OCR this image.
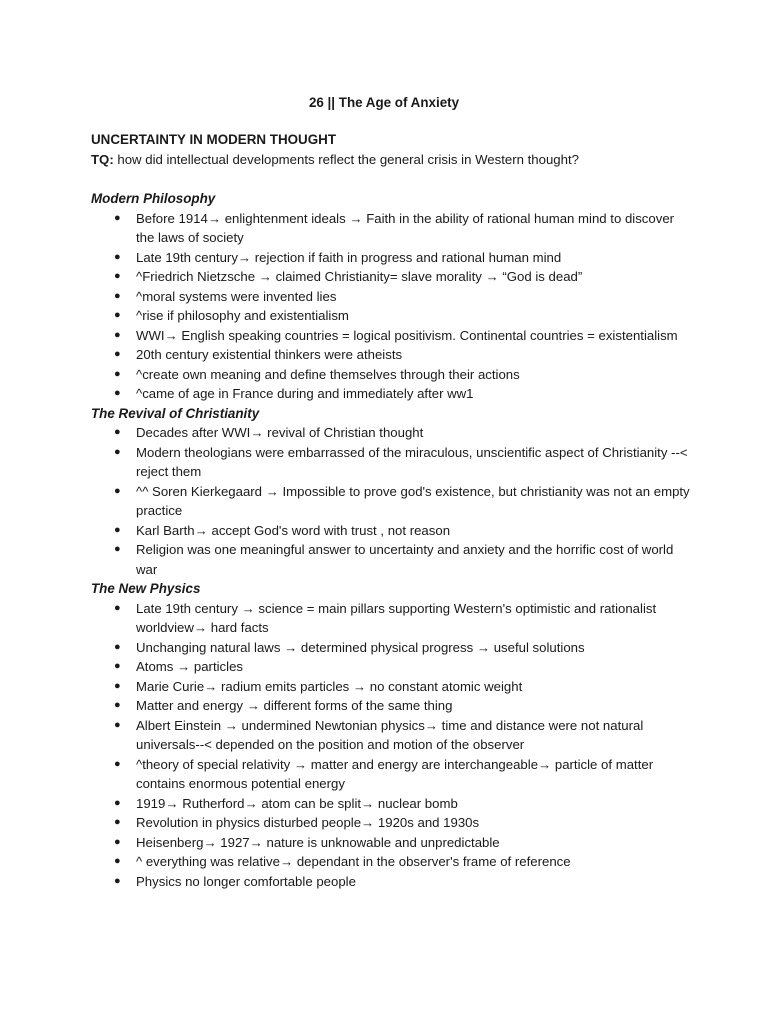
26 || The Age of Anxiety
UNCERTAINTY IN MODERN THOUGHT
TQ: how did intellectual developments reflect the general crisis in Western thought?
Modern Philosophy
● Before 1914→ enlightenment ideals → Faith in the ability of rational human mind to discover the laws of society
● Late 19th century→ rejection if faith in progress and rational human mind
● ^Friedrich Nietzsche → claimed Christianity= slave morality → “God is dead”
● ^moral systems were invented lies
● ^rise if philosophy and existentialism
● WWI→ English speaking countries = logical positivism. Continental countries = existentialism
● 20th century existential thinkers were atheists
● ^create own meaning and define themselves through their actions
● ^came of age in France during and immediately after ww1
The Revival of Christianity
● Decades after WWI→ revival of Christian thought
● Modern theologians were embarrassed of the miraculous, unscientific aspect of Christianity --< reject them
● ^^ Soren Kierkegaard → Impossible to prove god's existence, but christianity was not an empty practice
● Karl Barth→ accept God's word with trust , not reason
● Religion was one meaningful answer to uncertainty and anxiety and the horrific cost of world war
The New Physics
● Late 19th century → science = main pillars supporting Western's optimistic and rationalist worldview→ hard facts
● Unchanging natural laws → determined physical progress → useful solutions
● Atoms → particles
● Marie Curie→ radium emits particles → no constant atomic weight
● Matter and energy → different forms of the same thing
● Albert Einstein → undermined Newtonian physics→ time and distance were not natural universals--< depended on the position and motion of the observer
● ^theory of special relativity → matter and energy are interchangeable→ particle of matter contains enormous potential energy
● 1919→ Rutherford→ atom can be split→ nuclear bomb
● Revolution in physics disturbed people→ 1920s and 1930s
● Heisenberg→ 1927→ nature is unknowable and unpredictable
● ^ everything was relative→ dependant in the observer's frame of reference
● Physics no longer comfortable people
